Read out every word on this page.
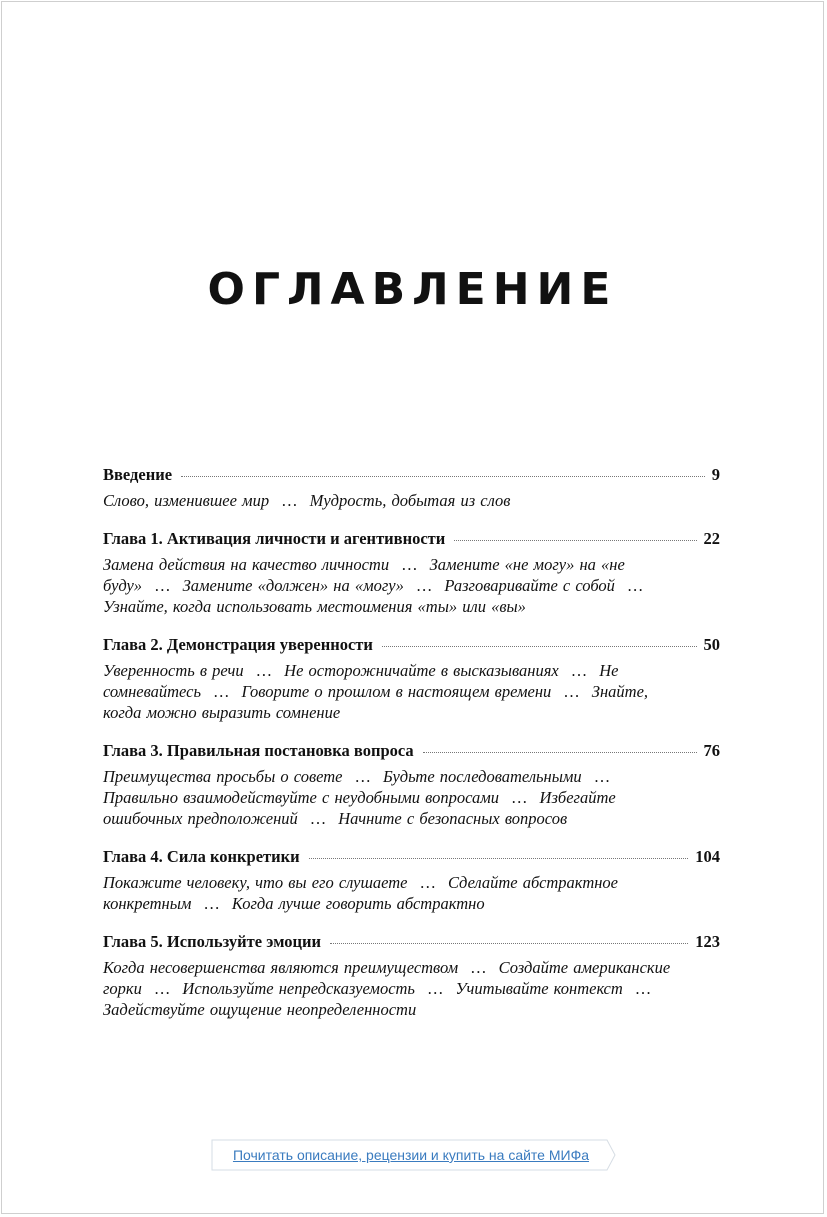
ОГЛАВЛЕНИЕ
Введение	9
Слово, изменившее мир … Мудрость, добытая из слов
Глава 1. Активация личности и агентивности	22
Замена действия на качество личности … Замените «не могу» на «не буду» … Замените «должен» на «могу» … Разговаривайте с собой …Узнайте, когда использовать местоимения «ты» или «вы»
Глава 2. Демонстрация уверенности	50
Уверенность в речи … Не осторожничайте в высказываниях … Не сомневайтесь … Говорите о прошлом в настоящем времени … Знайте, когда можно выразить сомнение
Глава 3. Правильная постановка вопроса	76
Преимущества просьбы о совете … Будьте последовательными …Правильно взаимодействуйте с неудобными вопросами … Избегайте ошибочных предположений … Начните с безопасных вопросов
Глава 4. Сила конкретики	104
Покажите человеку, что вы его слушаете … Сделайте абстрактное конкретным … Когда лучше говорить абстрактно
Глава 5. Используйте эмоции	123
Когда несовершенства являются преимуществом … Создайте американские горки … Используйте непредсказуемость … Учитывайте контекст …Задействуйте ощущение неопределенности
Почитать описание, рецензии и купить на сайте МИФа
